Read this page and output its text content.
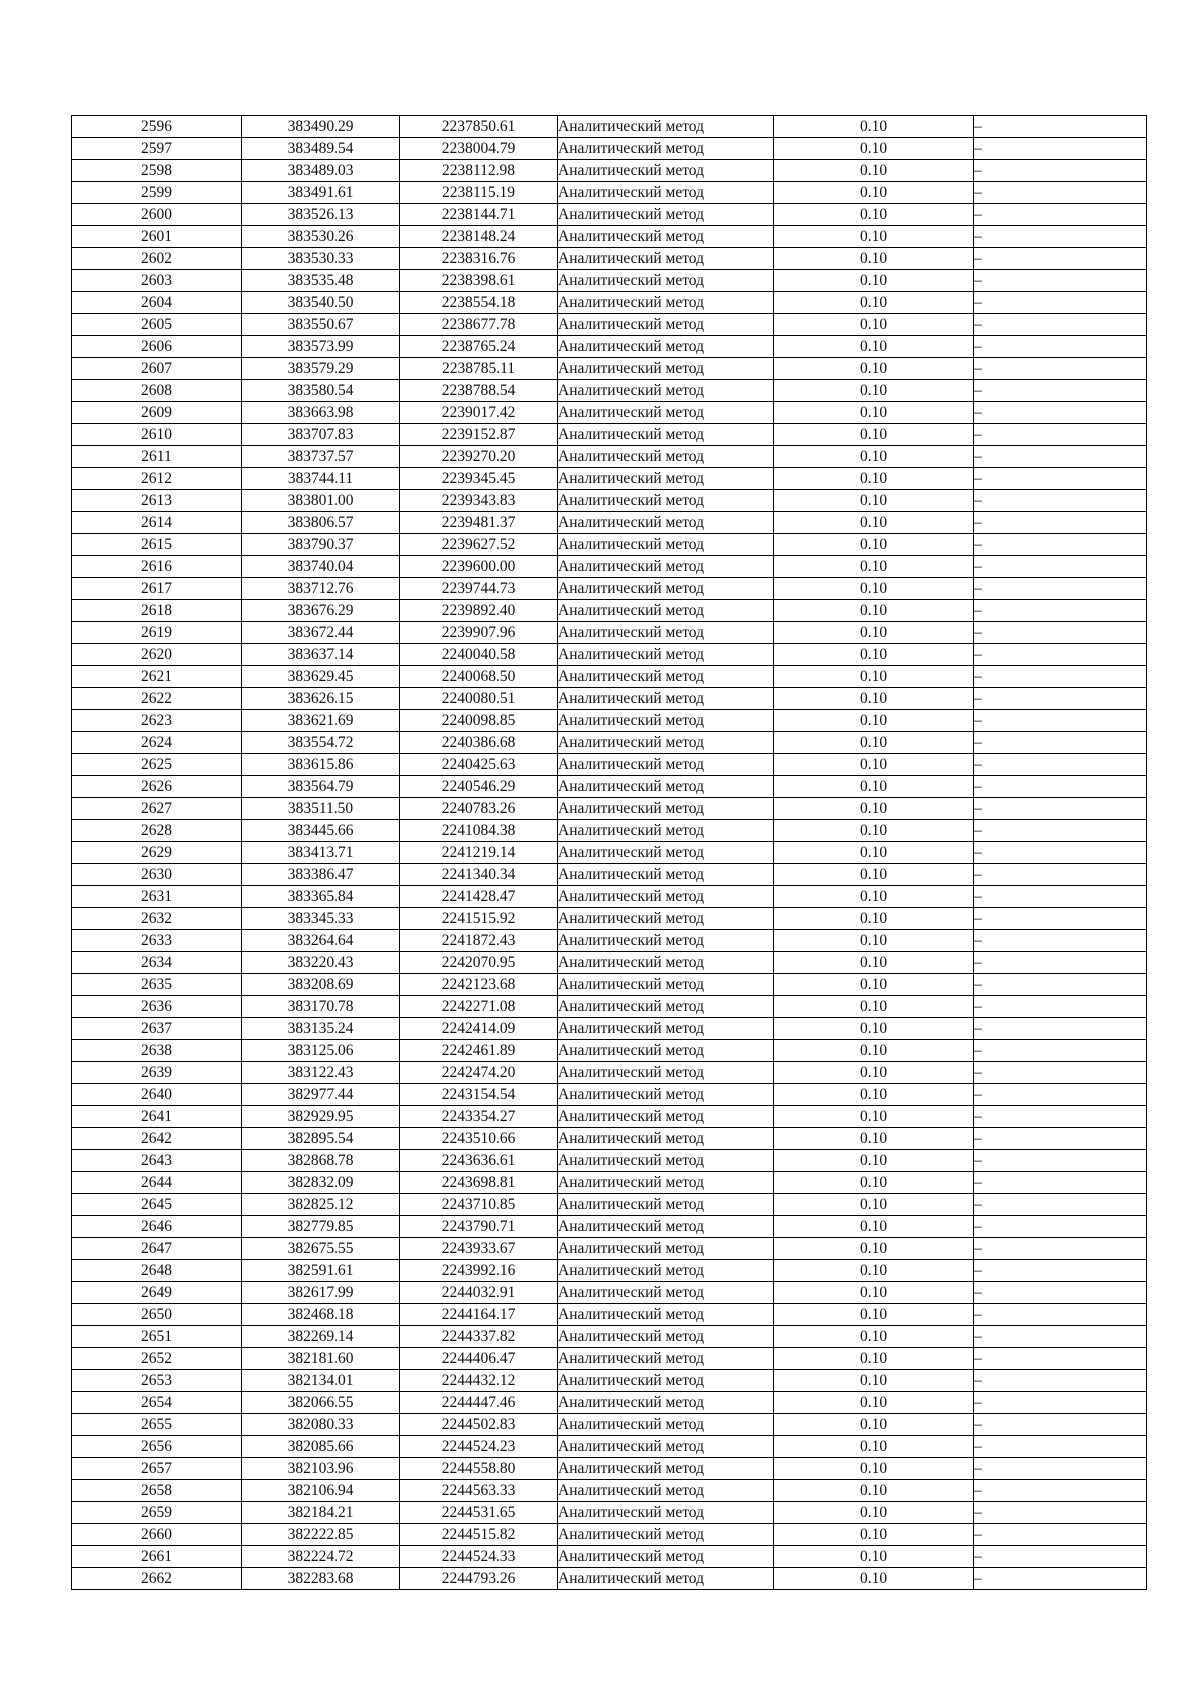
2596	383490.29	2237850.61	Аналитический метод	0.10	–
2597	383489.54	2238004.79	Аналитический метод	0.10	–
2598	383489.03	2238112.98	Аналитический метод	0.10	–
2599	383491.61	2238115.19	Аналитический метод	0.10	–
2600	383526.13	2238144.71	Аналитический метод	0.10	–
2601	383530.26	2238148.24	Аналитический метод	0.10	–
2602	383530.33	2238316.76	Аналитический метод	0.10	–
2603	383535.48	2238398.61	Аналитический метод	0.10	–
2604	383540.50	2238554.18	Аналитический метод	0.10	–
2605	383550.67	2238677.78	Аналитический метод	0.10	–
2606	383573.99	2238765.24	Аналитический метод	0.10	–
2607	383579.29	2238785.11	Аналитический метод	0.10	–
2608	383580.54	2238788.54	Аналитический метод	0.10	–
2609	383663.98	2239017.42	Аналитический метод	0.10	–
2610	383707.83	2239152.87	Аналитический метод	0.10	–
2611	383737.57	2239270.20	Аналитический метод	0.10	–
2612	383744.11	2239345.45	Аналитический метод	0.10	–
2613	383801.00	2239343.83	Аналитический метод	0.10	–
2614	383806.57	2239481.37	Аналитический метод	0.10	–
2615	383790.37	2239627.52	Аналитический метод	0.10	–
2616	383740.04	2239600.00	Аналитический метод	0.10	–
2617	383712.76	2239744.73	Аналитический метод	0.10	–
2618	383676.29	2239892.40	Аналитический метод	0.10	–
2619	383672.44	2239907.96	Аналитический метод	0.10	–
2620	383637.14	2240040.58	Аналитический метод	0.10	–
2621	383629.45	2240068.50	Аналитический метод	0.10	–
2622	383626.15	2240080.51	Аналитический метод	0.10	–
2623	383621.69	2240098.85	Аналитический метод	0.10	–
2624	383554.72	2240386.68	Аналитический метод	0.10	–
2625	383615.86	2240425.63	Аналитический метод	0.10	–
2626	383564.79	2240546.29	Аналитический метод	0.10	–
2627	383511.50	2240783.26	Аналитический метод	0.10	–
2628	383445.66	2241084.38	Аналитический метод	0.10	–
2629	383413.71	2241219.14	Аналитический метод	0.10	–
2630	383386.47	2241340.34	Аналитический метод	0.10	–
2631	383365.84	2241428.47	Аналитический метод	0.10	–
2632	383345.33	2241515.92	Аналитический метод	0.10	–
2633	383264.64	2241872.43	Аналитический метод	0.10	–
2634	383220.43	2242070.95	Аналитический метод	0.10	–
2635	383208.69	2242123.68	Аналитический метод	0.10	–
2636	383170.78	2242271.08	Аналитический метод	0.10	–
2637	383135.24	2242414.09	Аналитический метод	0.10	–
2638	383125.06	2242461.89	Аналитический метод	0.10	–
2639	383122.43	2242474.20	Аналитический метод	0.10	–
2640	382977.44	2243154.54	Аналитический метод	0.10	–
2641	382929.95	2243354.27	Аналитический метод	0.10	–
2642	382895.54	2243510.66	Аналитический метод	0.10	–
2643	382868.78	2243636.61	Аналитический метод	0.10	–
2644	382832.09	2243698.81	Аналитический метод	0.10	–
2645	382825.12	2243710.85	Аналитический метод	0.10	–
2646	382779.85	2243790.71	Аналитический метод	0.10	–
2647	382675.55	2243933.67	Аналитический метод	0.10	–
2648	382591.61	2243992.16	Аналитический метод	0.10	–
2649	382617.99	2244032.91	Аналитический метод	0.10	–
2650	382468.18	2244164.17	Аналитический метод	0.10	–
2651	382269.14	2244337.82	Аналитический метод	0.10	–
2652	382181.60	2244406.47	Аналитический метод	0.10	–
2653	382134.01	2244432.12	Аналитический метод	0.10	–
2654	382066.55	2244447.46	Аналитический метод	0.10	–
2655	382080.33	2244502.83	Аналитический метод	0.10	–
2656	382085.66	2244524.23	Аналитический метод	0.10	–
2657	382103.96	2244558.80	Аналитический метод	0.10	–
2658	382106.94	2244563.33	Аналитический метод	0.10	–
2659	382184.21	2244531.65	Аналитический метод	0.10	–
2660	382222.85	2244515.82	Аналитический метод	0.10	–
2661	382224.72	2244524.33	Аналитический метод	0.10	–
2662	382283.68	2244793.26	Аналитический метод	0.10	–
